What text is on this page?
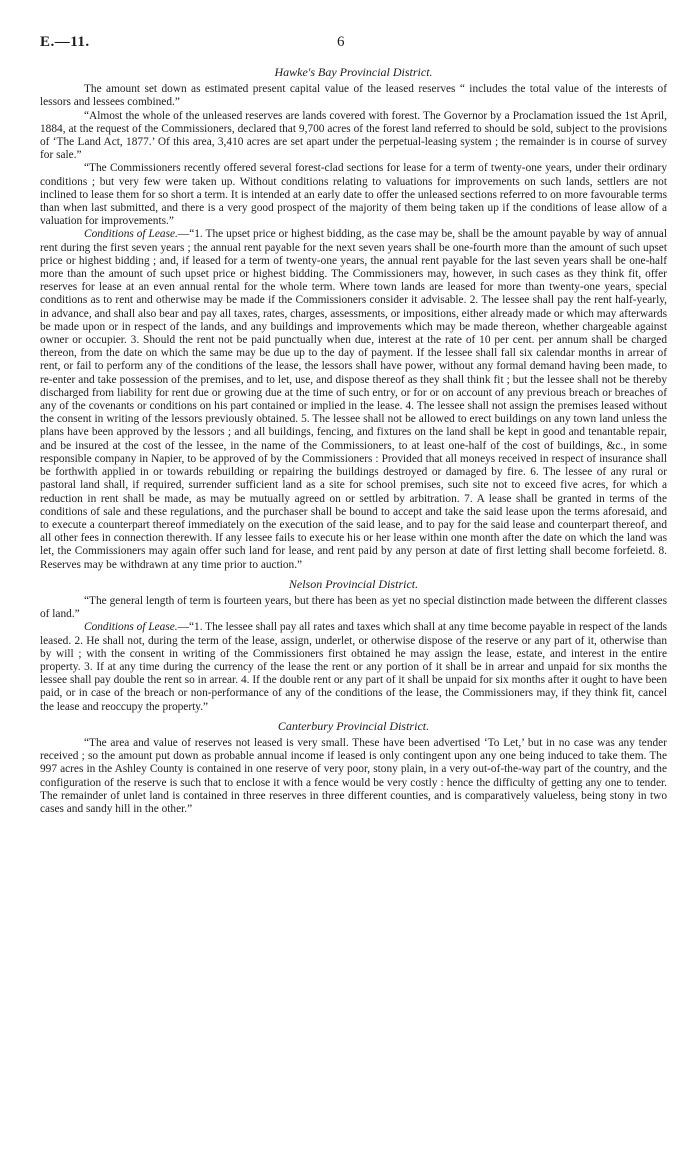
E.—11.	6
Hawke's Bay Provincial District.

The amount set down as estimated present capital value of the leased reserves “ includes the total value of the interests of lessors and lessees combined.”

“Almost the whole of the unleased reserves are lands covered with forest. The Governor by a Proclamation issued the 1st April, 1884, at the request of the Commissioners, declared that 9,700 acres of the forest land referred to should be sold, subject to the provisions of ‘The Land Act, 1877.’ Of this area, 3,410 acres are set apart under the perpetual-leasing system ; the remainder is in course of survey for sale.”

“The Commissioners recently offered several forest-clad sections for lease for a term of twenty-one years, under their ordinary conditions ; but very few were taken up. Without conditions relating to valuations for improvements on such lands, settlers are not inclined to lease them for so short a term. It is intended at an early date to offer the unleased sections referred to on more favourable terms than when last submitted, and there is a very good prospect of the majority of them being taken up if the conditions of lease allow of a valuation for improvements.”

Conditions of Lease.—“1. The upset price or highest bidding, as the case may be, shall be the amount payable by way of annual rent during the first seven years ; the annual rent payable for the next seven years shall be one-fourth more than the amount of such upset price or highest bidding ; and, if leased for a term of twenty-one years, the annual rent payable for the last seven years shall be one-half more than the amount of such upset price or highest bidding. The Commissioners may, however, in such cases as they think fit, offer reserves for lease at an even annual rental for the whole term. Where town lands are leased for more than twenty-one years, special conditions as to rent and otherwise may be made if the Commissioners consider it advisable. 2. The lessee shall pay the rent half-yearly, in advance, and shall also bear and pay all taxes, rates, charges, assessments, or impositions, either already made or which may afterwards be made upon or in respect of the lands, and any buildings and improvements which may be made thereon, whether chargeable against owner or occupier. 3. Should the rent not be paid punctually when due, interest at the rate of 10 per cent. per annum shall be charged thereon, from the date on which the same may be due up to the day of payment. If the lessee shall fall six calendar months in arrear of rent, or fail to perform any of the conditions of the lease, the lessors shall have power, without any formal demand having been made, to re-enter and take possession of the premises, and to let, use, and dispose thereof as they shall think fit ; but the lessee shall not be thereby discharged from liability for rent due or growing due at the time of such entry, or for or on account of any previous breach or breaches of any of the covenants or conditions on his part contained or implied in the lease. 4. The lessee shall not assign the premises leased without the consent in writing of the lessors previously obtained. 5. The lessee shall not be allowed to erect buildings on any town land unless the plans have been approved by the lessors ; and all buildings, fencing, and fixtures on the land shall be kept in good and tenantable repair, and be insured at the cost of the lessee, in the name of the Commissioners, to at least one-half of the cost of buildings, &c., in some responsible company in Napier, to be approved of by the Commissioners : Provided that all moneys received in respect of insurance shall be forthwith applied in or towards rebuilding or repairing the buildings destroyed or damaged by fire. 6. The lessee of any rural or pastoral land shall, if required, surrender sufficient land as a site for school premises, such site not to exceed five acres, for which a reduction in rent shall be made, as may be mutually agreed on or settled by arbitration. 7. A lease shall be granted in terms of the conditions of sale and these regulations, and the purchaser shall be bound to accept and take the said lease upon the terms aforesaid, and to execute a counterpart thereof immediately on the execution of the said lease, and to pay for the said lease and counterpart thereof, and all other fees in connection therewith. If any lessee fails to execute his or her lease within one month after the date on which the land was let, the Commissioners may again offer such land for lease, and rent paid by any person at date of first letting shall become forfeietd. 8. Reserves may be withdrawn at any time prior to auction.”

Nelson Provincial District.

“The general length of term is fourteen years, but there has been as yet no special distinction made between the different classes of land.”

Conditions of Lease.—“1. The lessee shall pay all rates and taxes which shall at any time become payable in respect of the lands leased. 2. He shall not, during the term of the lease, assign, underlet, or otherwise dispose of the reserve or any part of it, otherwise than by will ; with the consent in writing of the Commissioners first obtained he may assign the lease, estate, and interest in the entire property. 3. If at any time during the currency of the lease the rent or any portion of it shall be in arrear and unpaid for six months the lessee shall pay double the rent so in arrear. 4. If the double rent or any part of it shall be unpaid for six months after it ought to have been paid, or in case of the breach or non-performance of any of the conditions of the lease, the Commissioners may, if they think fit, cancel the lease and reoccupy the property.”

Canterbury Provincial District.

“The area and value of reserves not leased is very small. These have been advertised ‘To Let,’ but in no case was any tender received ; so the amount put down as probable annual income if leased is only contingent upon any one being induced to take them. The 997 acres in the Ashley County is contained in one reserve of very poor, stony plain, in a very out-of-the-way part of the country, and the configuration of the reserve is such that to enclose it with a fence would be very costly : hence the difficulty of getting any one to tender. The remainder of unlet land is contained in three reserves in three different counties, and is comparatively valueless, being stony in two cases and sandy hill in the other.”
